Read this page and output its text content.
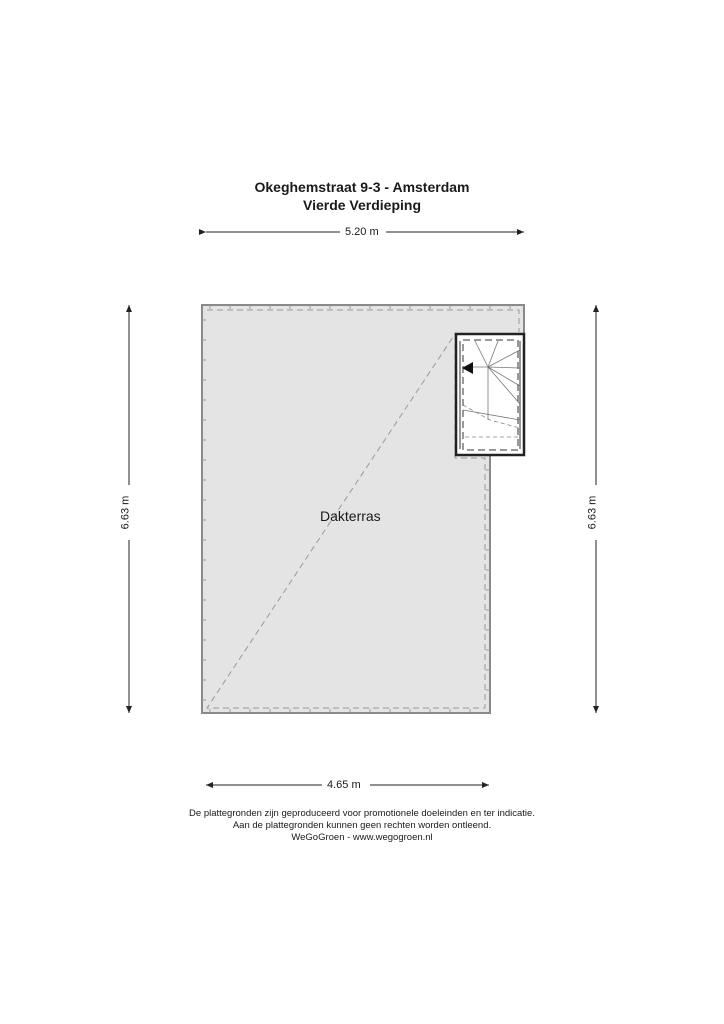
Okeghemstraat 9-3 - Amsterdam
Vierde Verdieping
5.20 m
4.65 m
6.63 m	6.63 m
Dakterras
De plattegronden zijn geproduceerd voor promotionele doeleinden en ter indicatie.
Aan de plattegronden kunnen geen rechten worden ontleend.
WeGoGroen - www.wegogroen.nl
